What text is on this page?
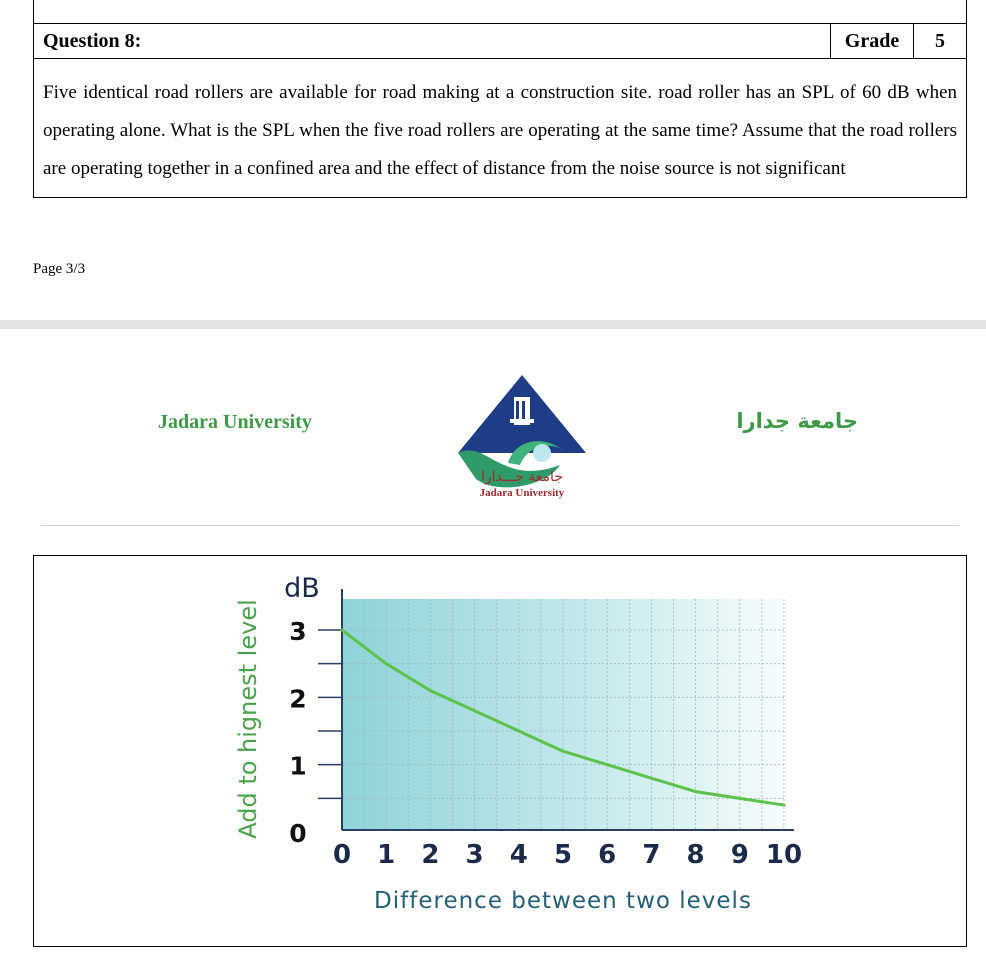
Question 8:	Grade	5
Five identical road rollers are available for road making at a construction site. road roller has an SPL of 60 dB when operating alone. What is the SPL when the five road rollers are operating at the same time? Assume that the road rollers are operating together in a confined area and the effect of distance from the noise source is not significant
Page 3/3
Jadara University
جامعة جـــدارا
Jadara University
جامعة جدارا
0
1
2
3
0 1 2 3 4 5 6 7 8 9 10
dB
Add to hignest level
Difference between two levels
